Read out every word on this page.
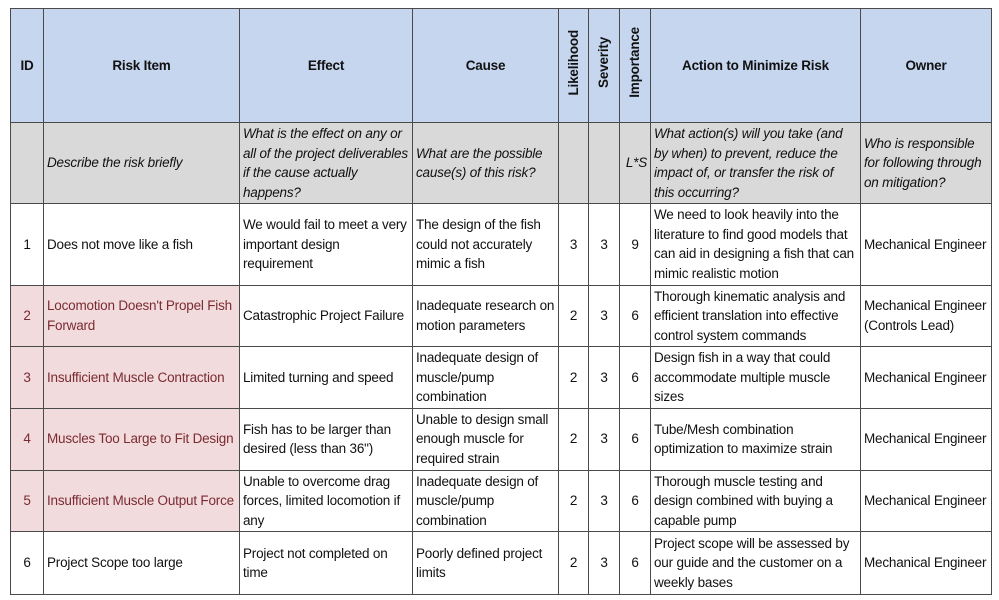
ID	Risk Item	Effect	Cause	Likelihood	Severity	Importance	Action to Minimize Risk	Owner
	Describe the risk briefly	What is the effect on any or all of the project deliverables if the cause actually happens?	What are the possible cause(s) of this risk?			L*S	What action(s) will you take (and by when) to prevent, reduce the impact of, or transfer the risk of this occurring?	Who is responsible for following through on mitigation?
1	Does not move like a fish	We would fail to meet a very important design requirement	The design of the fish could not accurately mimic a fish	3	3	9	We need to look heavily into the literature to find good models that can aid in designing a fish that can mimic realistic motion	Mechanical Engineer
2	Locomotion Doesn't Propel Fish Forward	Catastrophic Project Failure	Inadequate research on motion parameters	2	3	6	Thorough kinematic analysis and efficient translation into effective control system commands	Mechanical Engineer (Controls Lead)
3	Insufficient Muscle Contraction	Limited turning and speed	Inadequate design of muscle/pump combination	2	3	6	Design fish in a way that could accommodate multiple muscle sizes	Mechanical Engineer
4	Muscles Too Large to Fit Design	Fish has to be larger than desired (less than 36")	Unable to design small enough muscle for required strain	2	3	6	Tube/Mesh combination optimization to maximize strain	Mechanical Engineer
5	Insufficient Muscle Output Force	Unable to overcome drag forces, limited locomotion if any	Inadequate design of muscle/pump combination	2	3	6	Thorough muscle testing and design combined with buying a capable pump	Mechanical Engineer
6	Project Scope too large	Project not completed on time	Poorly defined project limits	2	3	6	Project scope will be assessed by our guide and the customer on a weekly bases	Mechanical Engineer
